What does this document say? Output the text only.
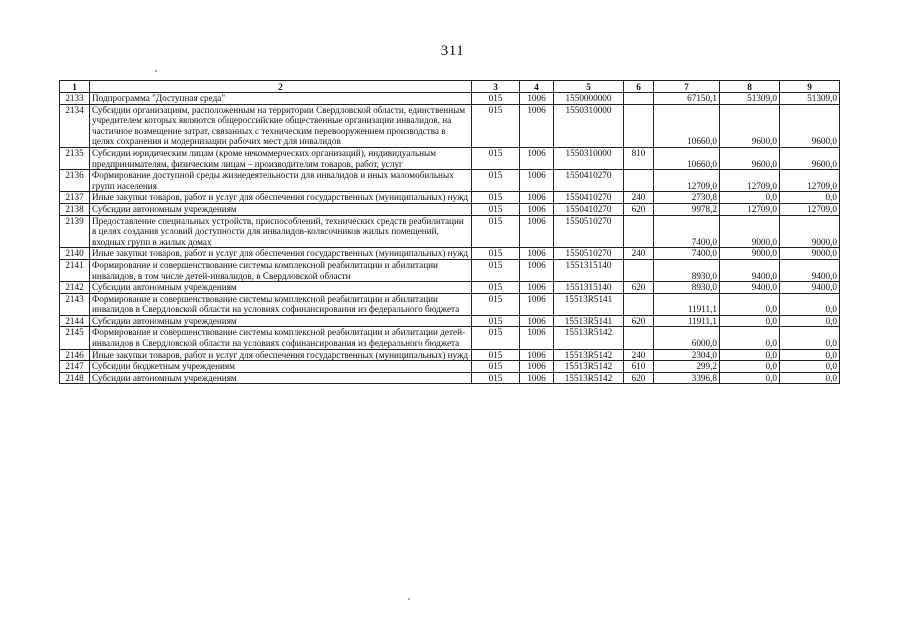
311
1	2	3	4	5	6	7	8	9
2133	Подпрограмма "Доступная среда"	015	1006	1550000000		67150,1	51309,0	51309,0
2134	Субсидии организациям, расположенным на территории Свердловской области, единственным учредителем которых являются общероссийские общественные организации инвалидов, на частичное возмещение затрат, связанных с техническим перевооружением производства в целях сохранения и модернизации рабочих мест для инвалидов	015	1006	1550310000		10660,0	9600,0	9600,0
2135	Субсидии юридическим лицам (кроме некоммерческих организаций), индивидуальным предпринимателям, физическим лицам – производителям товаров, работ, услуг	015	1006	1550310000	810	10660,0	9600,0	9600,0
2136	Формирование доступной среды жизнедеятельности для инвалидов и иных маломобильных групп населения	015	1006	1550410270		12709,0	12709,0	12709,0
2137	Иные закупки товаров, работ и услуг для обеспечения государственных (муниципальных) нужд	015	1006	1550410270	240	2730,8	0,0	0,0
2138	Субсидии автономным учреждениям	015	1006	1550410270	620	9978,2	12709,0	12709,0
2139	Предоставление специальных устройств, приспособлений, технических средств реабилитации в целях создания условий доступности для инвалидов-колясочников жилых помещений, входных групп в жилых домах	015	1006	1550510270		7400,0	9000,0	9000,0
2140	Иные закупки товаров, работ и услуг для обеспечения государственных (муниципальных) нужд	015	1006	1550510270	240	7400,0	9000,0	9000,0
2141	Формирование и совершенствование системы комплексной реабилитации и абилитации инвалидов, в том числе детей-инвалидов, в Свердловской области	015	1006	1551315140		8930,0	9400,0	9400,0
2142	Субсидии автономным учреждениям	015	1006	1551315140	620	8930,0	9400,0	9400,0
2143	Формирование и совершенствование системы комплексной реабилитации и абилитации инвалидов в Свердловской области на условиях софинансирования из федерального бюджета	015	1006	15513R5141		11911,1	0,0	0,0
2144	Субсидии автономным учреждениям	015	1006	15513R5141	620	11911,1	0,0	0,0
2145	Формирование и совершенствование системы комплексной реабилитации и абилитации детей-инвалидов в Свердловской области на условиях софинансирования из федерального бюджета	015	1006	15513R5142		6000,0	0,0	0,0
2146	Иные закупки товаров, работ и услуг для обеспечения государственных (муниципальных) нужд	015	1006	15513R5142	240	2304,0	0,0	0,0
2147	Субсидии бюджетным учреждениям	015	1006	15513R5142	610	299,2	0,0	0,0
2148	Субсидии автономным учреждениям	015	1006	15513R5142	620	3396,8	0,0	0,0
